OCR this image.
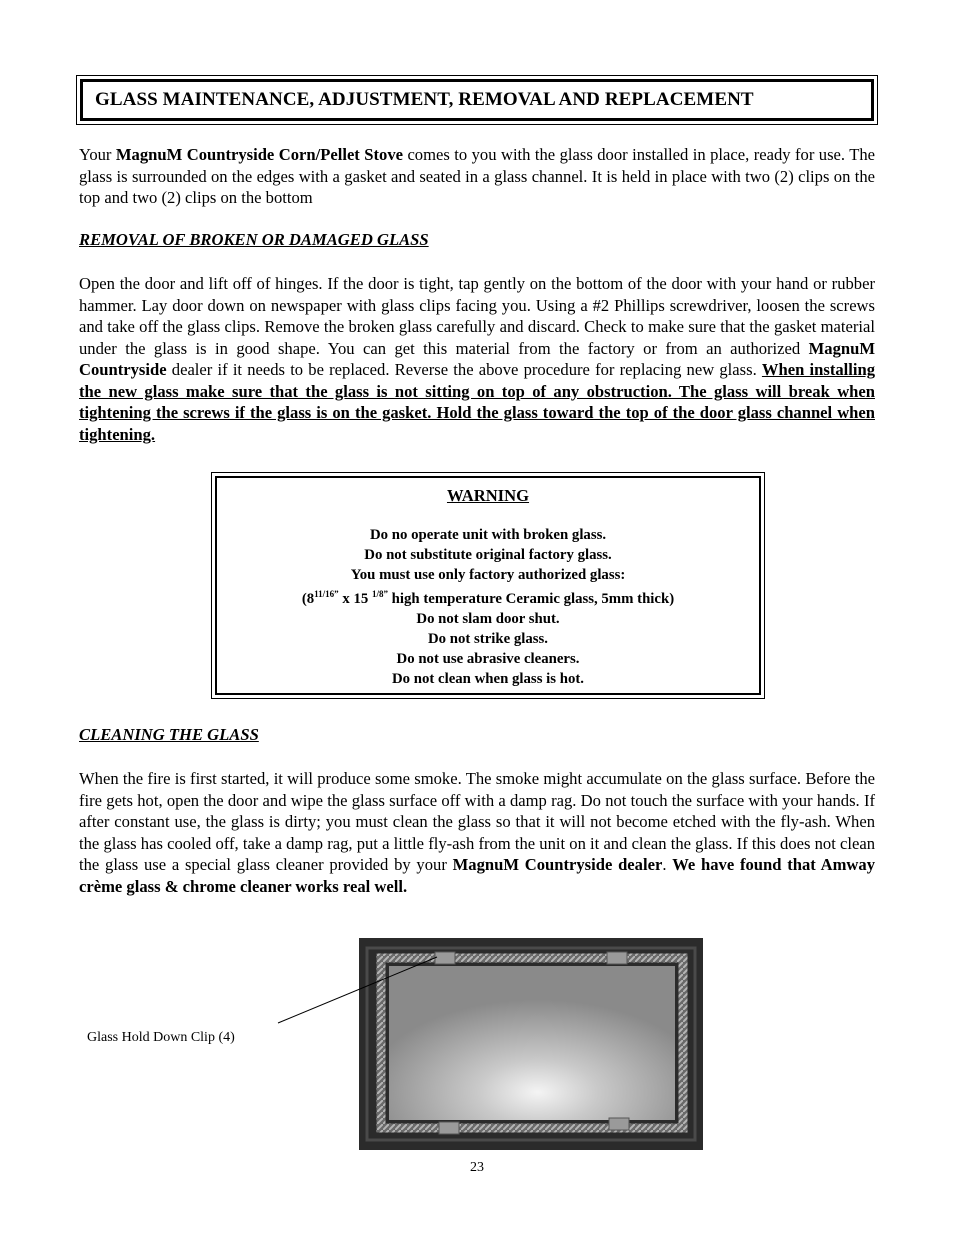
GLASS MAINTENANCE, ADJUSTMENT, REMOVAL AND REPLACEMENT

Your MagnuM Countryside Corn/Pellet Stove comes to you with the glass door installed in place, ready for use. The glass is surrounded on the edges with a gasket and seated in a glass channel. It is held in place with two (2) clips on the top and two (2) clips on the bottom

REMOVAL OF BROKEN OR DAMAGED GLASS

Open the door and lift off of hinges. If the door is tight, tap gently on the bottom of the door with your hand or rubber hammer. Lay door down on newspaper with glass clips facing you. Using a #2 Phillips screwdriver, loosen the screws and take off the glass clips. Remove the broken glass carefully and discard. Check to make sure that the gasket material under the glass is in good shape. You can get this material from the factory or from an authorized MagnuM Countryside dealer if it needs to be replaced. Reverse the above procedure for replacing new glass. When installing the new glass make sure that the glass is not sitting on top of any obstruction. The glass will break when tightening the screws if the glass is on the gasket. Hold the glass toward the top of the door glass channel when tightening.

WARNING

Do no operate unit with broken glass.

Do not substitute original factory glass.

You must use only factory authorized glass:

($8^{11/16”}$ x 15 $^{1/8”}$ high temperature Ceramic glass, 5mm thick)

Do not slam door shut.

Do not strike glass.

Do not use abrasive cleaners.

Do not clean when glass is hot.

CLEANING THE GLASS

When the fire is first started, it will produce some smoke. The smoke might accumulate on the glass surface. Before the fire gets hot, open the door and wipe the glass surface off with a damp rag. Do not touch the surface with your hands. If after constant use, the glass is dirty; you must clean the glass so that it will not become etched with the fly-ash. When the glass has cooled off, take a damp rag, put a little fly-ash from the unit on it and clean the glass. If this does not clean the glass use a special glass cleaner provided by your MagnuM Countryside dealer. We have found that Amway crème glass & chrome cleaner works real well.

Glass Hold Down Clip (4)
23
